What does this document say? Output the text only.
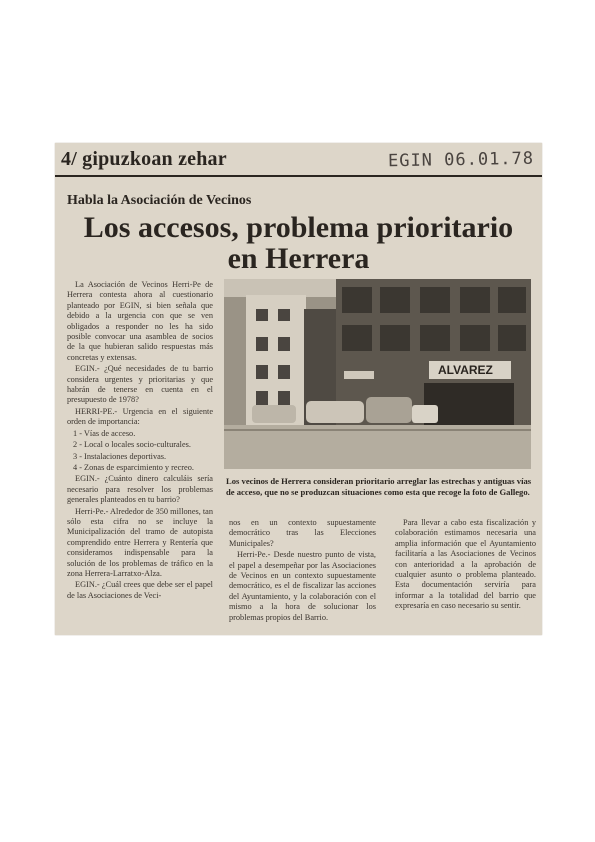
4/ gipuzkoan zehar	EGIN 06.01.78
Habla la Asociación de Vecinos
Los accesos, problema prioritario
en Herrera
ALVAREZ
Los vecinos de Herrera consideran prioritario arreglar las estrechas y antiguas vías de acceso, que no se produzcan situaciones como esta que recoge la foto de Gallego.

La Asociación de Vecinos Herri-Pe de Herrera contesta ahora al cuestionario planteado por EGIN, si bien señala que debido a la urgencia con que se ven obligados a responder no les ha sido posible convocar una asamblea de socios de la que hubieran salido respuestas más concretas y extensas.

EGIN.- ¿Qué necesidades de tu barrio considera urgentes y prioritarias y que habrán de tenerse en cuenta en el presupuesto de 1978?

HERRI-PE.- Urgencia en el siguiente orden de importancia:

1 - Vías de acceso.

2 - Local o locales socio-culturales.

3 - Instalaciones deportivas.

4 - Zonas de esparcimiento y recreo.

EGIN.- ¿Cuánto dinero calculáis sería necesario para resolver los problemas generales planteados en tu barrio?

Herri-Pe.- Alrededor de 350 millones, tan sólo esta cifra no se incluye la Municipalización del tramo de autopista comprendido entre Herrera y Rentería que consideramos indispensable para la solución de los problemas de tráfico en la zona Herrera-Larratxo-Alza.

EGIN.- ¿Cuál crees que debe ser el papel de las Asociaciones de Veci-

nos en un contexto supuestamente democrático tras las Elecciones Municipales?

Herri-Pe.- Desde nuestro punto de vista, el papel a desempeñar por las Asociaciones de Vecinos en un contexto supuestamente democrático, es el de fiscalizar las acciones del Ayuntamiento, y la colaboración con el mismo a la hora de solucionar los problemas propios del Barrio.

Para llevar a cabo esta fiscalización y colaboración estimamos necesaria una amplia información que el Ayuntamiento facilitaría a las Asociaciones de Vecinos con anterioridad a la aprobación de cualquier asunto o problema planteado. Esta documentación serviría para informar a la totalidad del barrio que expresaría en caso necesario su sentir.
